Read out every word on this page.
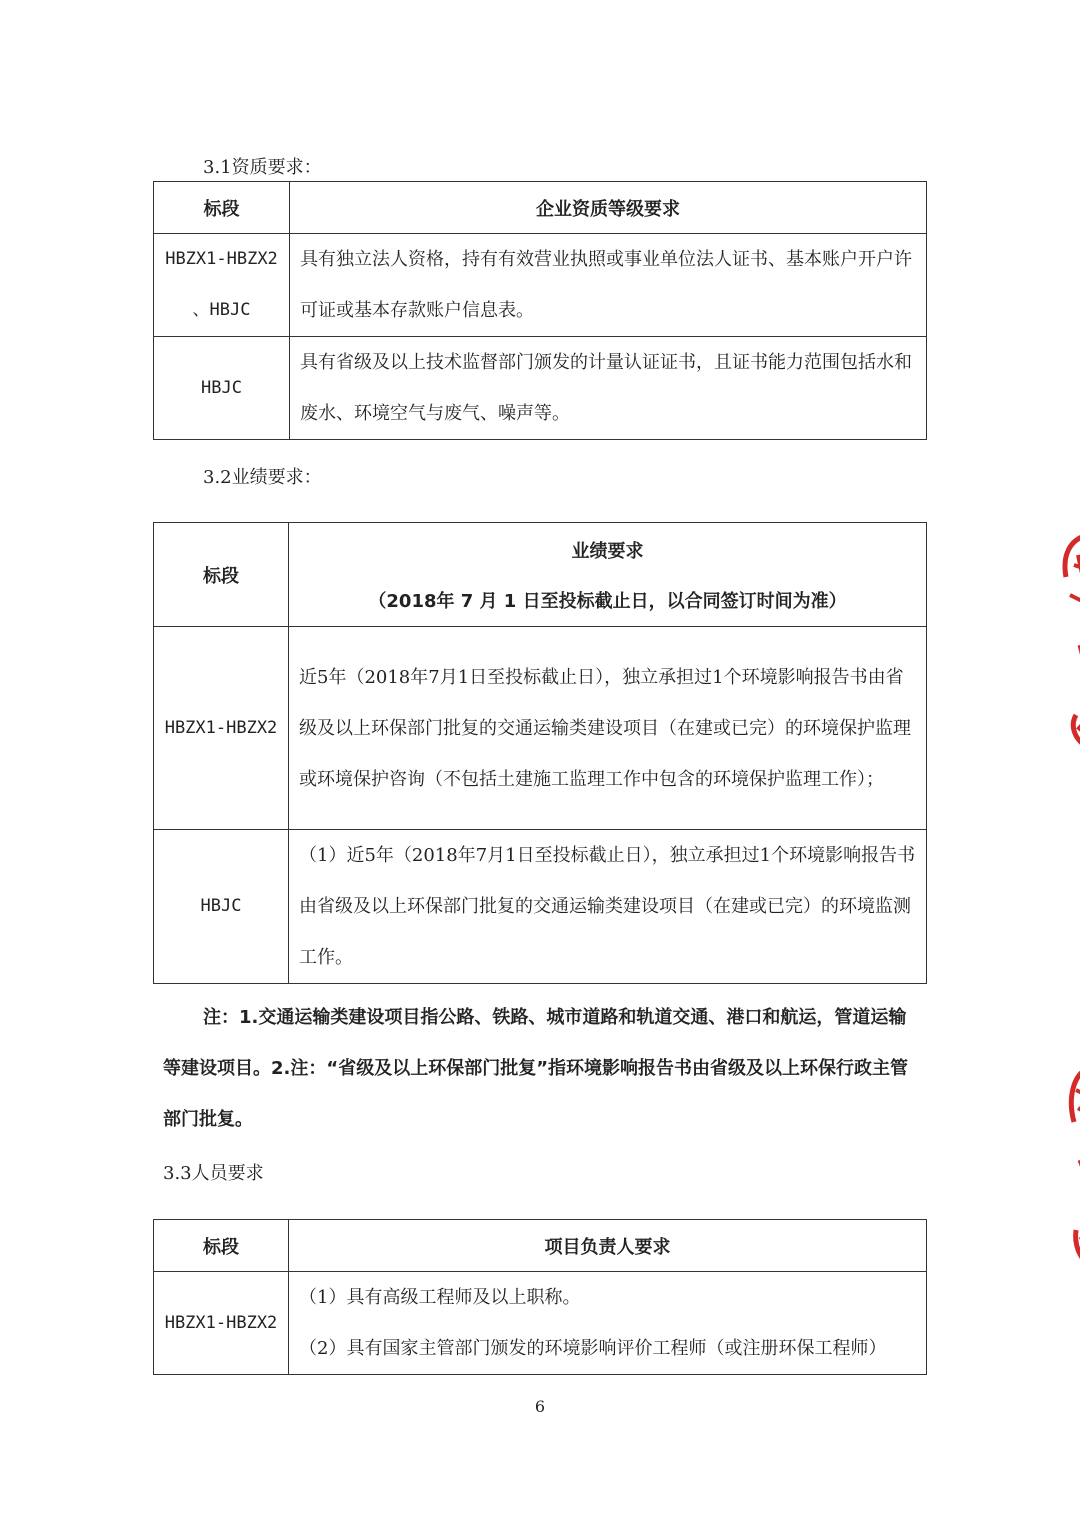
3.1资质要求：
标段	企业资质等级要求

HBZX1-HBZX2
、HBJC	具有独立法人资格，持有有效营业执照或事业单位法人证书、基本账户开户许可证或基本存款账户信息表。
HBJC	具有省级及以上技术监督部门颁发的计量认证证书，且证书能力范围包括水和废水、环境空气与废气、噪声等。
3.2业绩要求：
标段	业绩要求
（2018年 7 月 1 日至投标截止日，以合同签订时间为准）

HBZX1-HBZX2	近5年（2018年7月1日至投标截止日），独立承担过1个环境影响报告书由省级及以上环保部门批复的交通运输类建设项目（在建或已完）的环境保护监理或环境保护咨询（不包括土建施工监理工作中包含的环境保护监理工作）；
HBJC	（1）近5年（2018年7月1日至投标截止日），独立承担过1个环境影响报告书由省级及以上环保部门批复的交通运输类建设项目（在建或已完）的环境监测工作。
注：1.交通运输类建设项目指公路、铁路、城市道路和轨道交通、港口和航运，管道运输等建设项目。2.注：“省级及以上环保部门批复”指环境影响报告书由省级及以上环保行政主管部门批复。
3.3人员要求
标段	项目负责人要求
HBZX1-HBZX2	（1）具有高级工程师及以上职称。
（2）具有国家主管部门颁发的环境影响评价工程师（或注册环保工程师）
6
